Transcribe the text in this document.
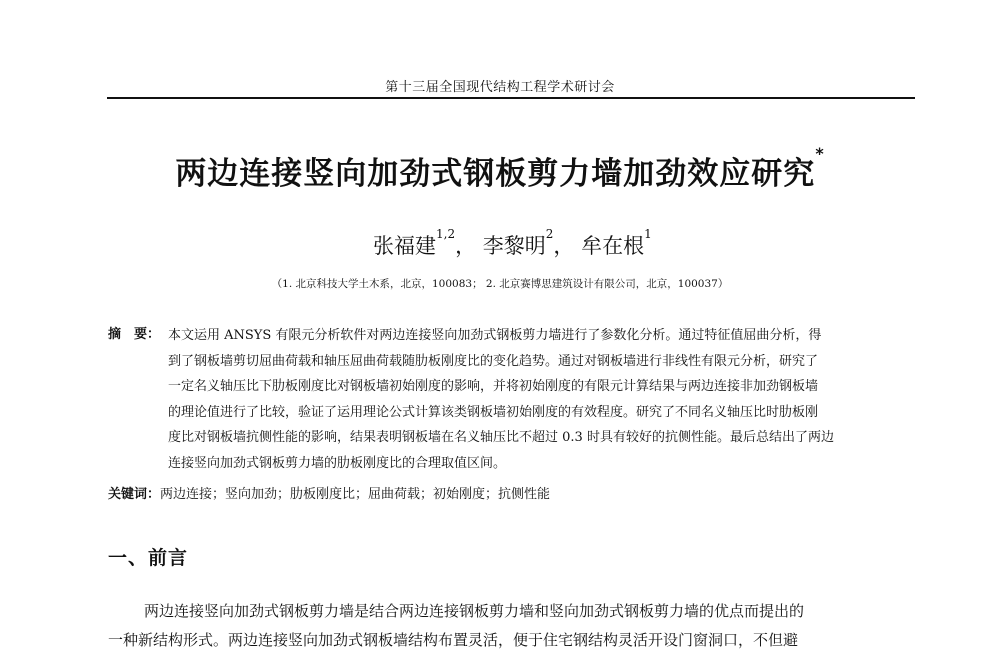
第十三届全国现代结构工程学术研讨会
两边连接竖向加劲式钢板剪力墙加劲效应研究*
张福建$^{1,2}$， 李黎明$^2$， 牟在根$^1$
（1. 北京科技大学土木系，北京，100083； 2. 北京赛博思建筑设计有限公司，北京，100037）
摘　要： 本文运用 ANSYS 有限元分析软件对两边连接竖向加劲式钢板剪力墙进行了参数化分析。通过特征值屈曲分析，得
到了钢板墙剪切屈曲荷载和轴压屈曲荷载随肋板刚度比的变化趋势。通过对钢板墙进行非线性有限元分析，研究了
一定名义轴压比下肋板刚度比对钢板墙初始刚度的影响，并将初始刚度的有限元计算结果与两边连接非加劲钢板墙
的理论值进行了比较，验证了运用理论公式计算该类钢板墙初始刚度的有效程度。研究了不同名义轴压比时肋板刚
度比对钢板墙抗侧性能的影响，结果表明钢板墙在名义轴压比不超过 0.3 时具有较好的抗侧性能。最后总结出了两边
连接竖向加劲式钢板剪力墙的肋板刚度比的合理取值区间。
关键词：两边连接；竖向加劲；肋板刚度比；屈曲荷载；初始刚度；抗侧性能
一、前言
两边连接竖向加劲式钢板剪力墙是结合两边连接钢板剪力墙和竖向加劲式钢板剪力墙的优点而提出的
一种新结构形式。两边连接竖向加劲式钢板墙结构布置灵活，便于住宅钢结构灵活开设门窗洞口，不但避
